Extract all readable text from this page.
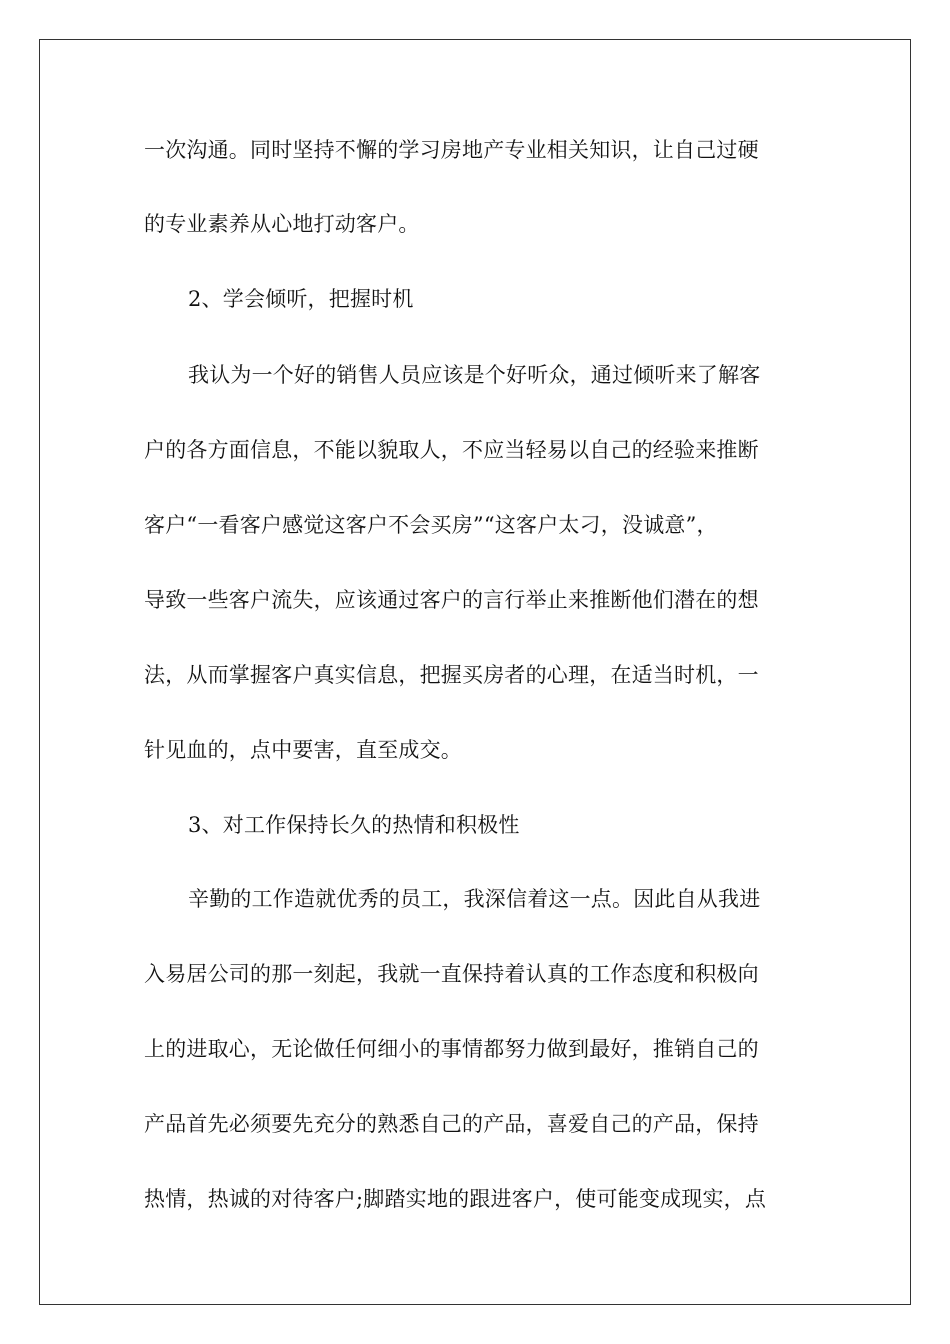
一次沟通。同时坚持不懈的学习房地产专业相关知识，让自己过硬
的专业素养从心地打动客户。
2、学会倾听，把握时机
我认为一个好的销售人员应该是个好听众，通过倾听来了解客
户的各方面信息，不能以貌取人，不应当轻易以自己的经验来推断
客户“一看客户感觉这客户不会买房”“这客户太刁，没诚意”，
导致一些客户流失，应该通过客户的言行举止来推断他们潜在的想
法，从而掌握客户真实信息，把握买房者的心理，在适当时机，一
针见血的，点中要害，直至成交。
3、对工作保持长久的热情和积极性
辛勤的工作造就优秀的员工，我深信着这一点。因此自从我进
入易居公司的那一刻起，我就一直保持着认真的工作态度和积极向
上的进取心，无论做任何细小的事情都努力做到最好，推销自己的
产品首先必须要先充分的熟悉自己的产品，喜爱自己的产品，保持
热情，热诚的对待客户;脚踏实地的跟进客户，使可能变成现实，点
